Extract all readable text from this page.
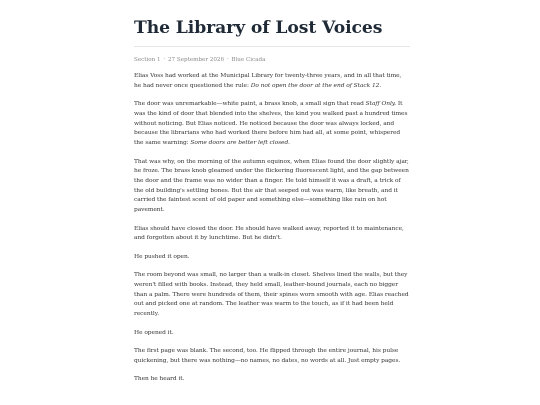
The Library of Lost Voices
Section 1 · 27 September 2026 · Blue Cicada

Elias Voss had worked at the Municipal Library for twenty-three years, and in all that time, he had never once questioned the rule: Do not open the door at the end of Stack 12.

The door was unremarkable—white paint, a brass knob, a small sign that read Staff Only. It was the kind of door that blended into the shelves, the kind you walked past a hundred times without noticing. But Elias noticed. He noticed because the door was always locked, and because the librarians who had worked there before him had all, at some point, whispered the same warning: Some doors are better left closed.

That was why, on the morning of the autumn equinox, when Elias found the door slightly ajar, he froze. The brass knob gleamed under the flickering fluorescent light, and the gap between the door and the frame was no wider than a finger. He told himself it was a draft, a trick of the old building's settling bones. But the air that seeped out was warm, like breath, and it carried the faintest scent of old paper and something else—something like rain on hot pavement.

Elias should have closed the door. He should have walked away, reported it to maintenance, and forgotten about it by lunchtime. But he didn't.

He pushed it open.

The room beyond was small, no larger than a walk-in closet. Shelves lined the walls, but they weren't filled with books. Instead, they held small, leather-bound journals, each no bigger than a palm. There were hundreds of them, their spines worn smooth with age. Elias reached out and picked one at random. The leather was warm to the touch, as if it had been held recently.

He opened it.

The first page was blank. The second, too. He flipped through the entire journal, his pulse quickening, but there was nothing—no names, no dates, no words at all. Just empty pages.

Then he heard it.
